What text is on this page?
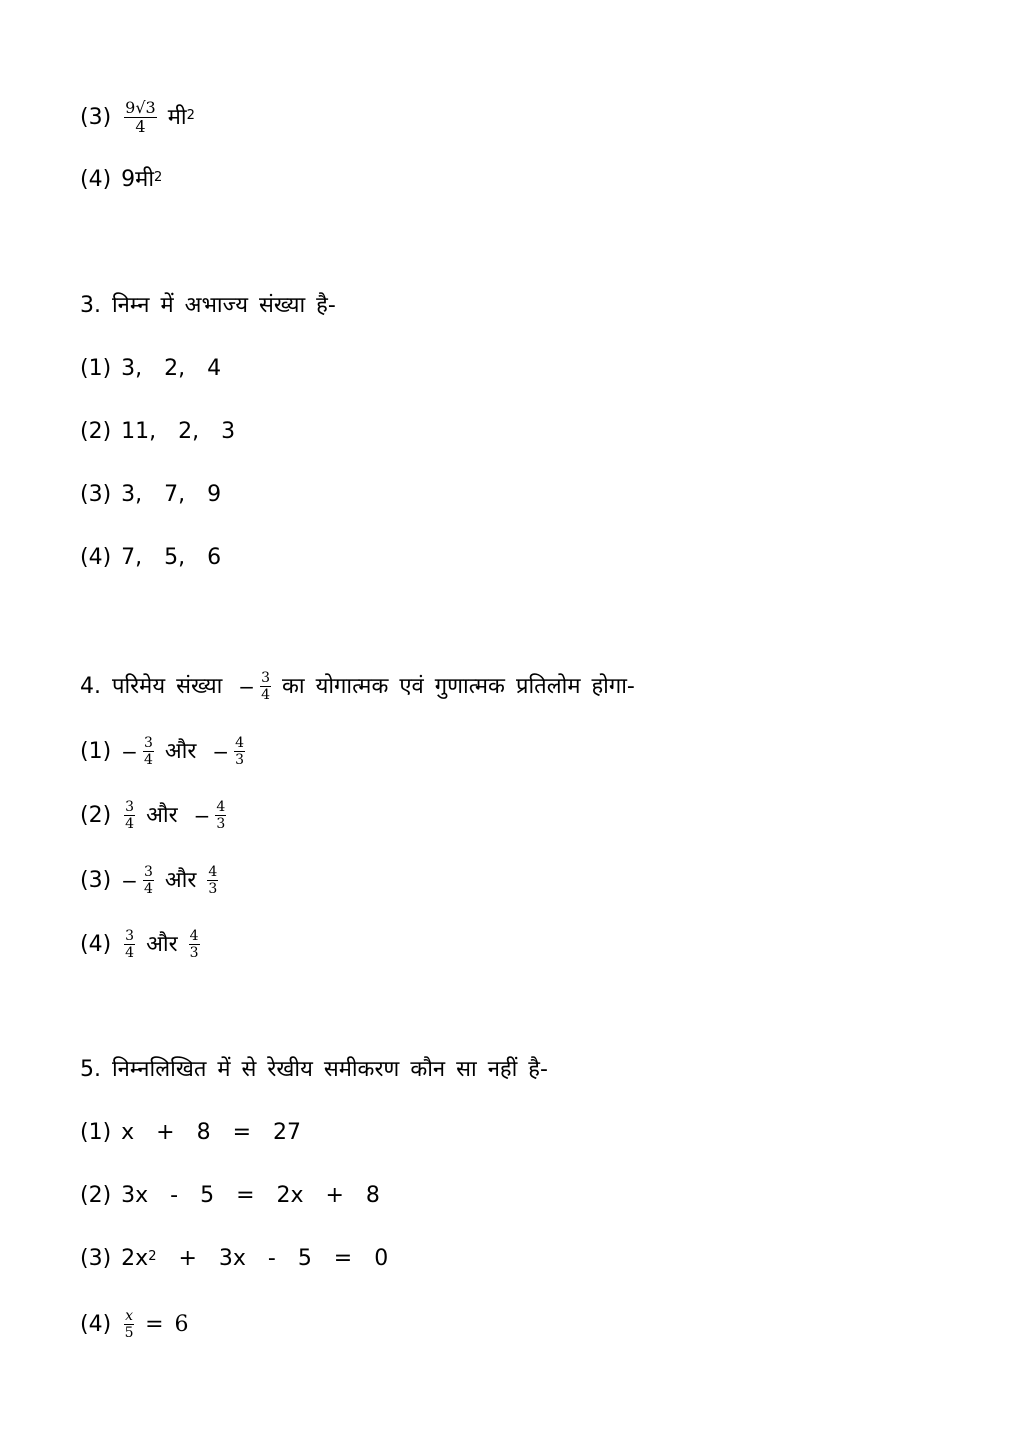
$(3) \frac{9√3}{4}$ मी$^2$
(4) 9मी$^2$
3. निम्न में अभाज्य संख्या है-
(1) 3,  2,  4
(2) 11,  2,  3
(3) 3,  7,  9
(4) 7,  5,  6
4. परिमेय संख्या − $\frac{3}{4}$ का योगात्मक एवं गुणात्मक प्रतिलोम होगा-
$(1) - \frac{3}{4}$ और − $\frac{4}{3}$
$(2) \frac{3}{4}$ और − $\frac{4}{3}$
$(3) - \frac{3}{4}$ और $\frac{4}{3}$
$(4) \frac{3}{4}$ और $\frac{4}{3}$
5. निम्नलिखित में से रेखीय समीकरण कौन सा नहीं है-
(1) x  +  8  =  27
(2) 3x  -  5  =  2x  +  8
(3) $2x^2 + 3x - 5 = 0$
$(4) \frac{x}{5} = 6$
